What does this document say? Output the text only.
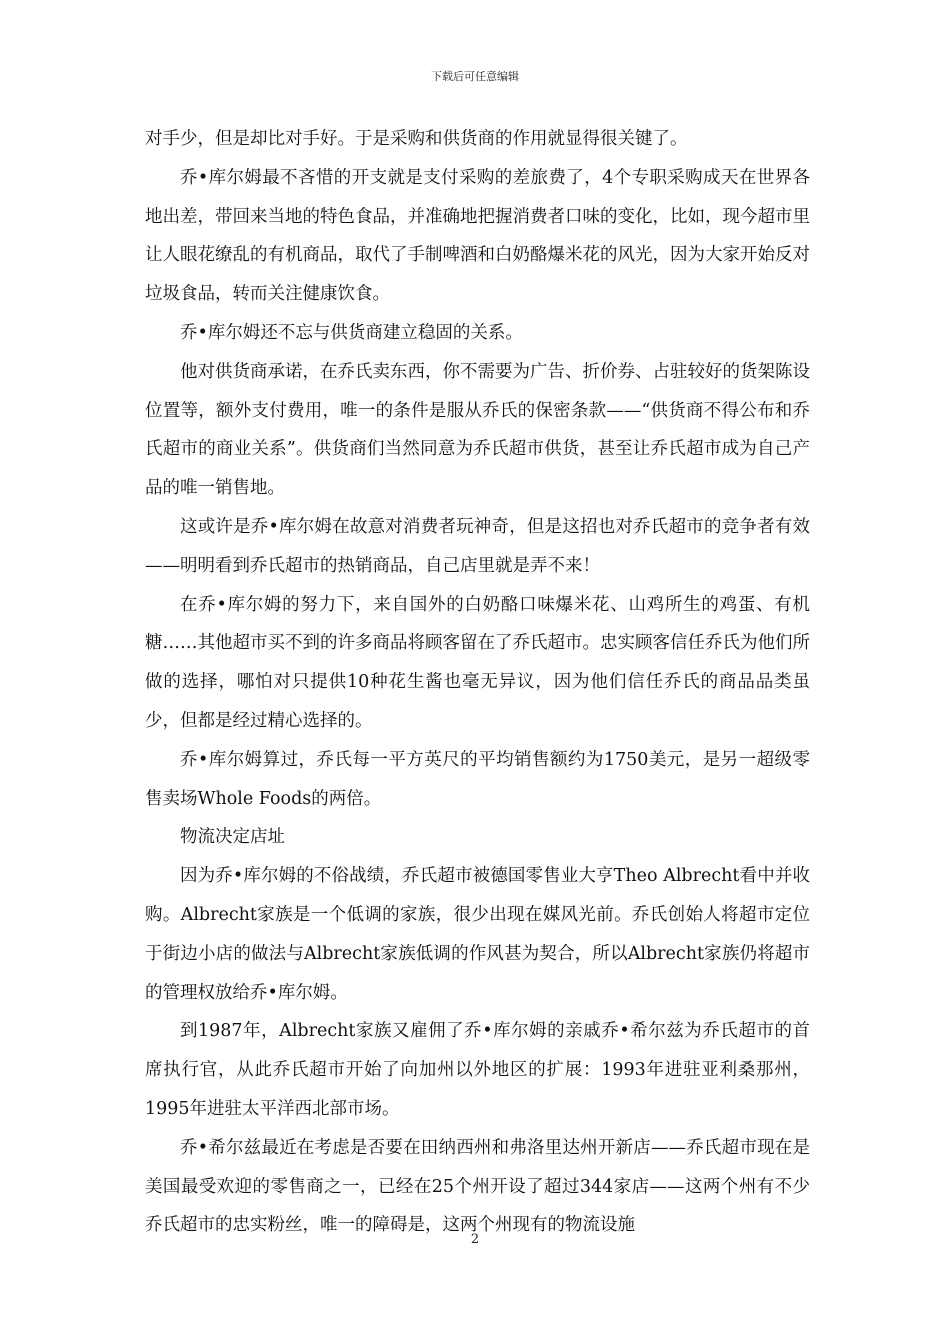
下载后可任意编辑

对手少，但是却比对手好。于是采购和供货商的作用就显得很关键了。

乔•库尔姆最不吝惜的开支就是支付采购的差旅费了，4个专职采购成天在世界各地出差，带回来当地的特色食品，并准确地把握消费者口味的变化，比如，现今超市里让人眼花缭乱的有机商品，取代了手制啤酒和白奶酪爆米花的风光，因为大家开始反对垃圾食品，转而关注健康饮食。

乔•库尔姆还不忘与供货商建立稳固的关系。

他对供货商承诺，在乔氏卖东西，你不需要为广告、折价券、占驻较好的货架陈设位置等，额外支付费用，唯一的条件是服从乔氏的保密条款——“供货商不得公布和乔氏超市的商业关系”。供货商们当然同意为乔氏超市供货，甚至让乔氏超市成为自己产品的唯一销售地。

这或许是乔•库尔姆在故意对消费者玩神奇，但是这招也对乔氏超市的竞争者有效——明明看到乔氏超市的热销商品，自己店里就是弄不来！

在乔•库尔姆的努力下，来自国外的白奶酪口味爆米花、山鸡所生的鸡蛋、有机糖……其他超市买不到的许多商品将顾客留在了乔氏超市。忠实顾客信任乔氏为他们所做的选择，哪怕对只提供10种花生酱也毫无异议，因为他们信任乔氏的商品品类虽少，但都是经过精心选择的。

乔•库尔姆算过，乔氏每一平方英尺的平均销售额约为1750美元，是另一超级零售卖场Whole Foods的两倍。

物流决定店址

因为乔•库尔姆的不俗战绩，乔氏超市被德国零售业大亨Theo Albrecht看中并收购。Albrecht家族是一个低调的家族，很少出现在媒风光前。乔氏创始人将超市定位于街边小店的做法与Albrecht家族低调的作风甚为契合，所以Albrecht家族仍将超市的管理权放给乔•库尔姆。

到1987年，Albrecht家族又雇佣了乔•库尔姆的亲戚乔•希尔兹为乔氏超市的首席执行官，从此乔氏超市开始了向加州以外地区的扩展：1993年进驻亚利桑那州，1995年进驻太平洋西北部市场。

乔•希尔兹最近在考虑是否要在田纳西州和弗洛里达州开新店——乔氏超市现在是美国最受欢迎的零售商之一，已经在25个州开设了超过344家店——这两个州有不少乔氏超市的忠实粉丝，唯一的障碍是，这两个州现有的物流设施

2
